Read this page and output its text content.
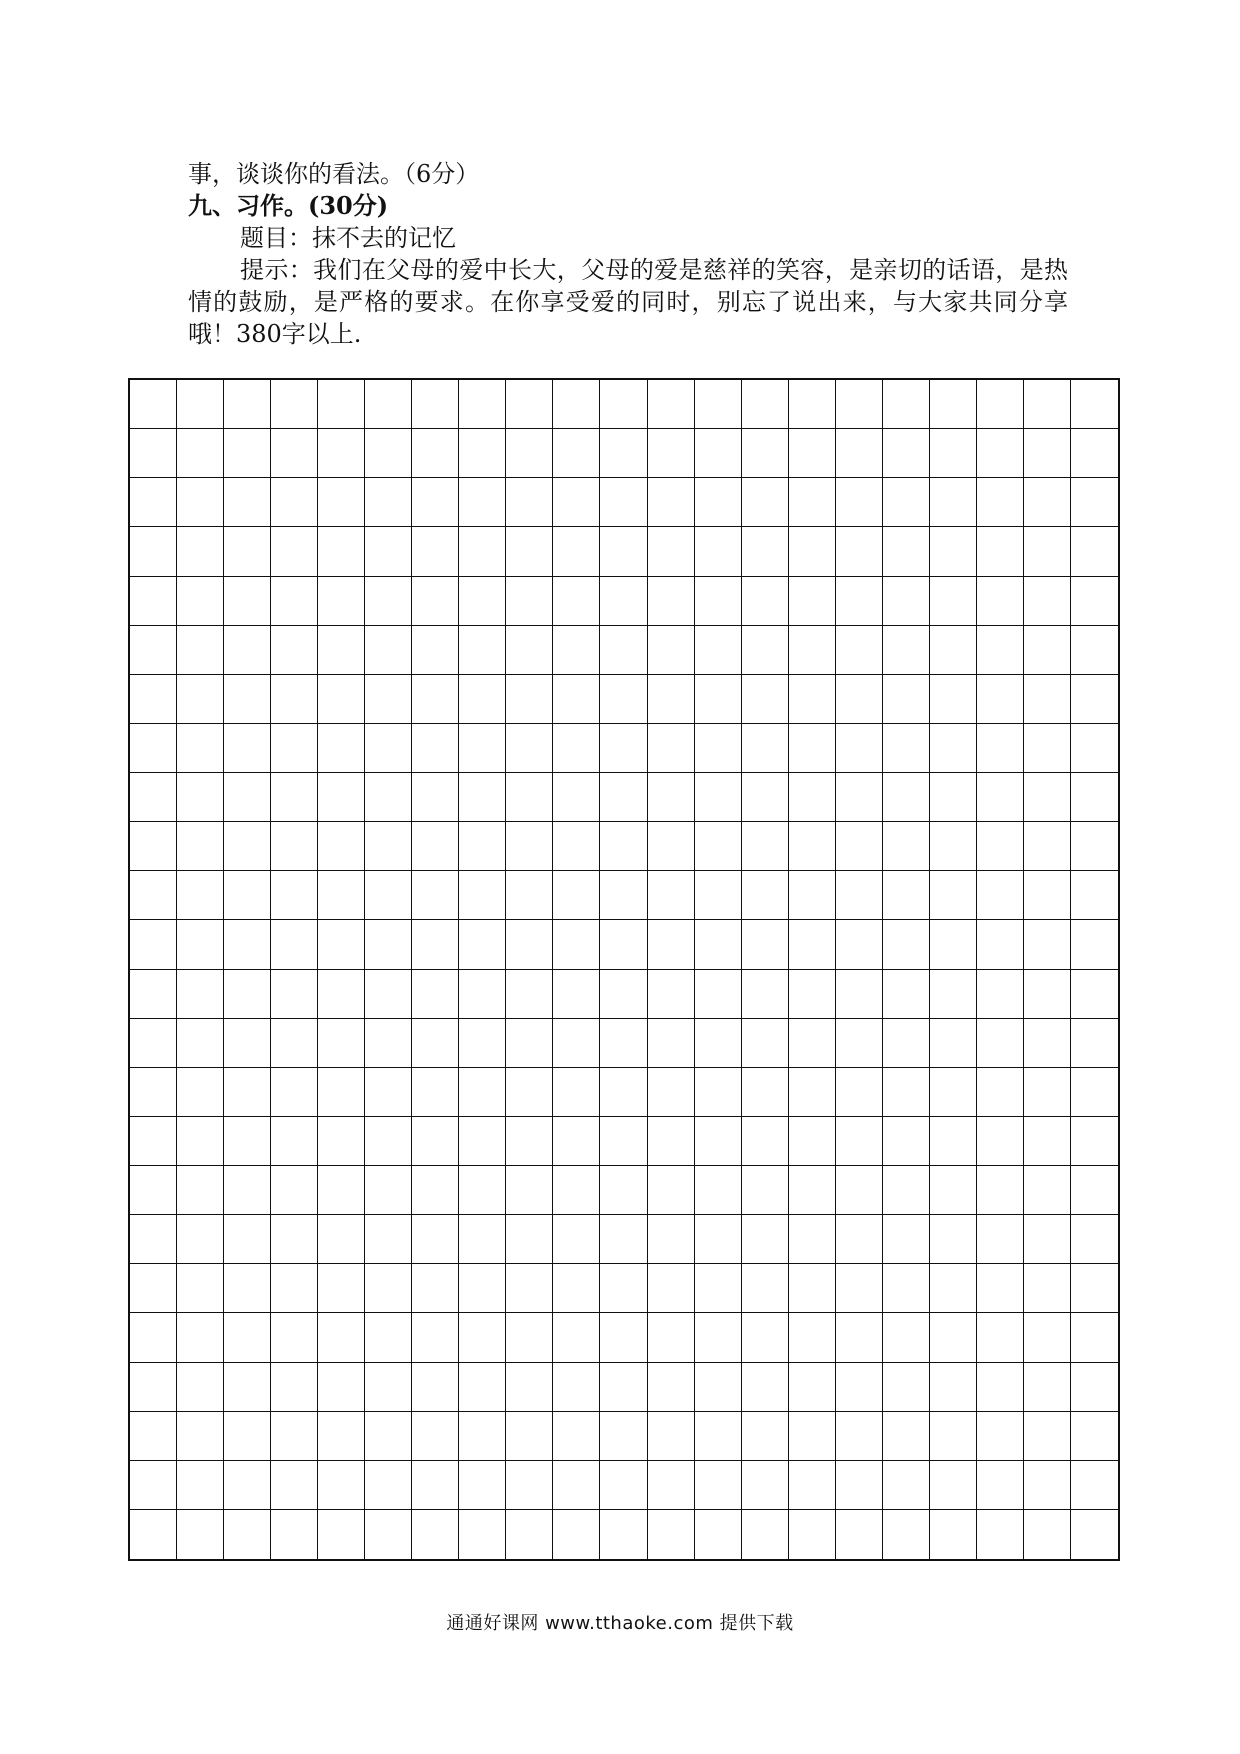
事，谈谈你的看法。（6分）
九、习作。(30分)
题目：抹不去的记忆
提示：我们在父母的爱中长大，父母的爱是慈祥的笑容，是亲切的话语，是热情的鼓励，是严格的要求。在你享受爱的同时，别忘了说出来，与大家共同分享哦！380字以上.
通通好课网 www.tthaoke.com 提供下载
